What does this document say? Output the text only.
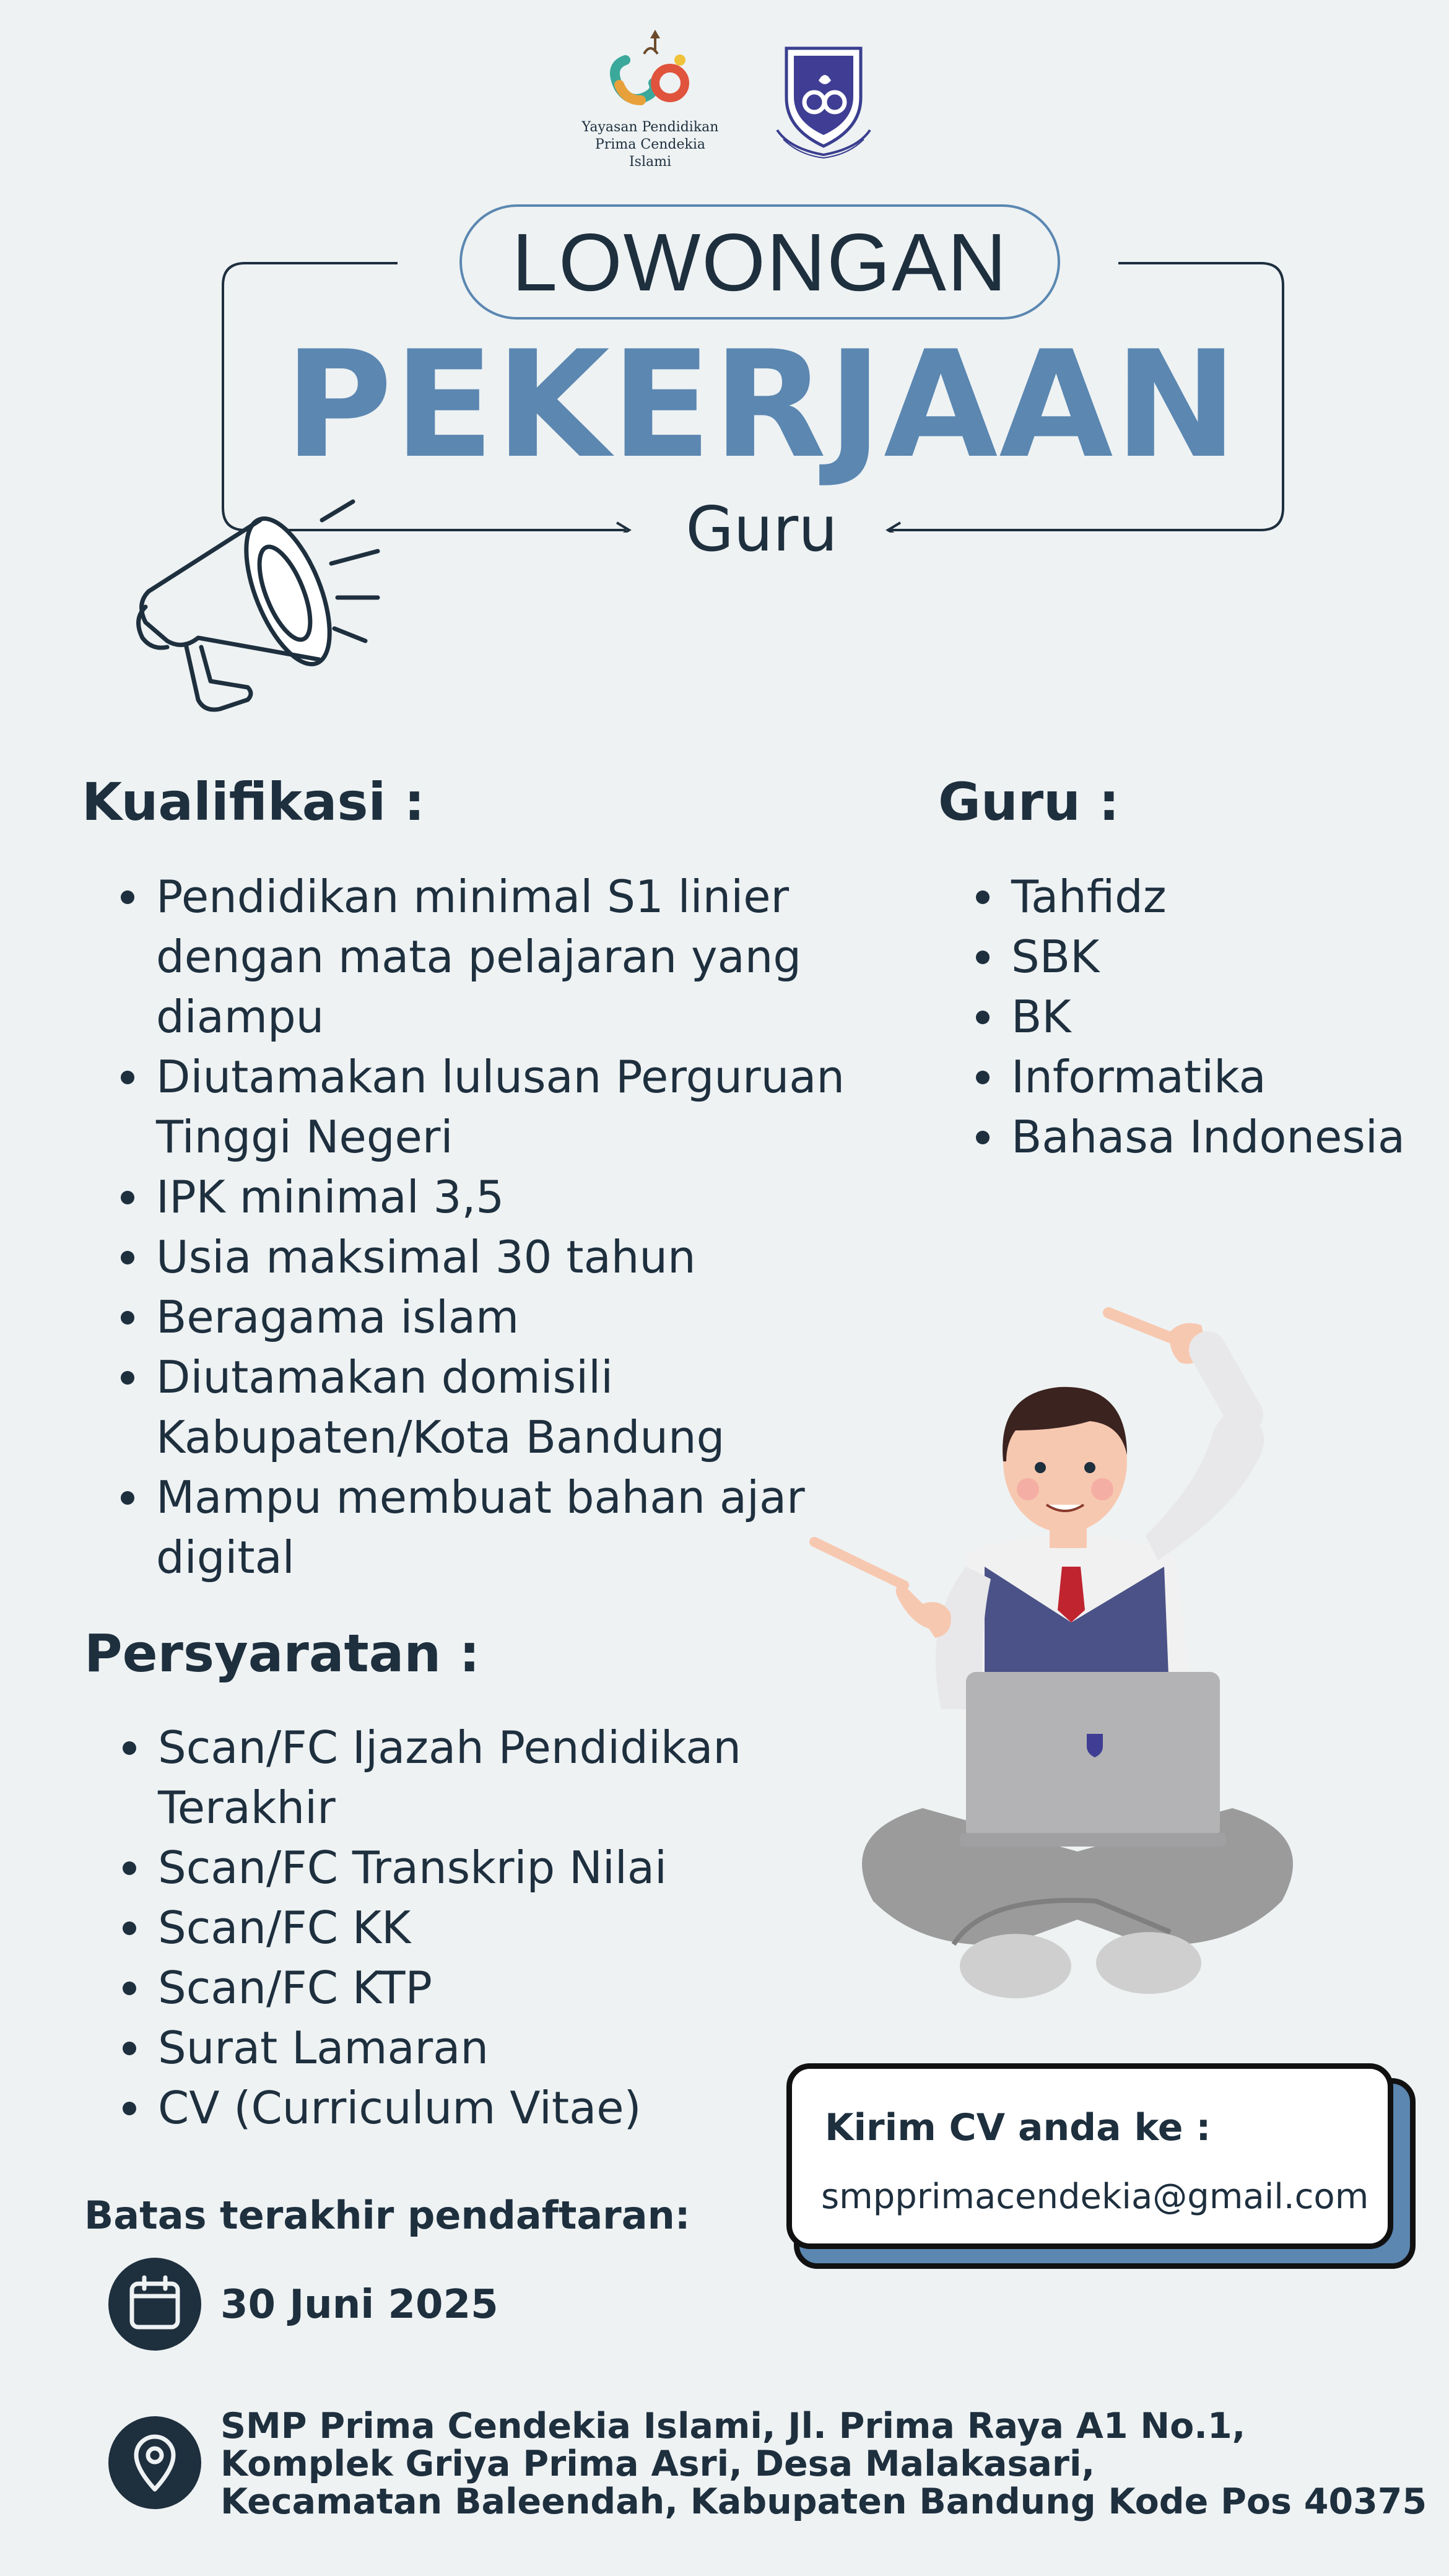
Yayasan Pendidikan
Prima Cendekia Islami
LOWONGAN
PEKERJAAN
Guru
Kualifikasi :
Pendidikan minimal S1 linier
dengan mata pelajaran yang
diampu
Diutamakan lulusan Perguruan
Tinggi Negeri
IPK minimal 3,5
Usia maksimal 30 tahun
Beragama islam
Diutamakan domisili
Kabupaten/Kota Bandung
Mampu membuat bahan ajar
digital
Guru :
Tahfidz
SBK
BK
Informatika
Bahasa Indonesia
Persyaratan :
Scan/FC Ijazah Pendidikan
Terakhir
Scan/FC Transkrip Nilai
Scan/FC KK
Scan/FC KTP
Surat Lamaran
CV (Curriculum Vitae)	Kirim CV anda ke :
smpprimacendekia@gmail.com
Batas terakhir pendaftaran:
30 Juni 2025
SMP Prima Cendekia Islami, Jl. Prima Raya A1 No.1,
Komplek Griya Prima Asri, Desa Malakasari,
Kecamatan Baleendah, Kabupaten Bandung Kode Pos 40375
